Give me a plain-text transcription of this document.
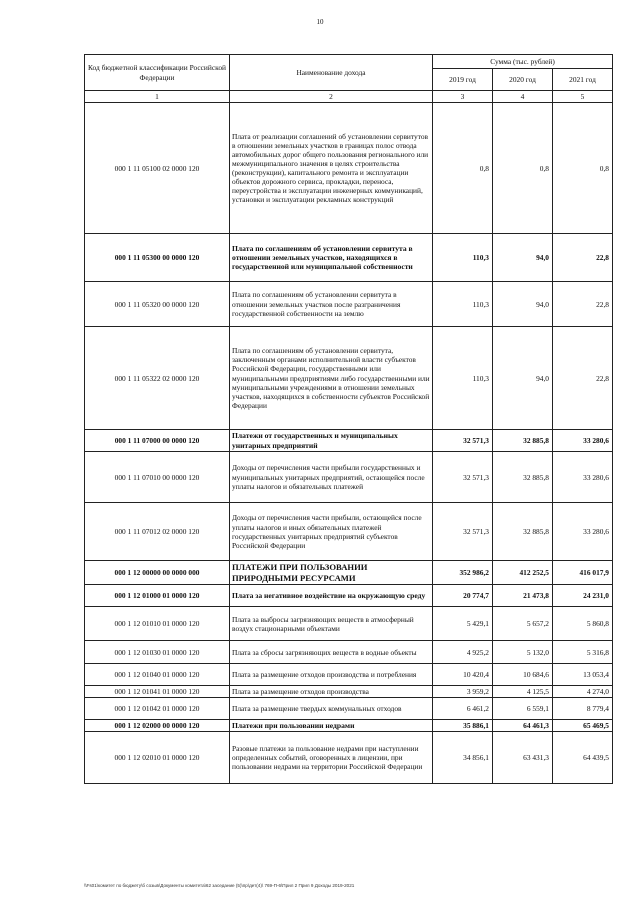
10
Код бюджетной классификации Российской Федерации	Наименование дохода	Сумма (тыс. рублей)		
		2019 год	2020 год	2021 год
1	2	3	4	5
000 1 11 05100 02 0000 120	Плата от реализации соглашений об установлении сервитутов в отношении земельных участков в границах полос отвода автомобильных дорог общего пользования регионального или межмуниципального значения в целях строительства (реконструкции), капитального ремонта и эксплуатации объектов дорожного сервиса, прокладки, переноса, переустройства и эксплуатации инженерных коммуникаций, установки и эксплуатации рекламных конструкций	0,8	0,8	0,8
000 1 11 05300 00 0000 120	Плата по соглашениям об установлении сервитута в отношении земельных участков, находящихся в государственной или муниципальной собственности	110,3	94,0	22,8
000 1 11 05320 00 0000 120	Плата по соглашениям об установлении сервитута в отношении земельных участков после разграничения государственной собственности на землю	110,3	94,0	22,8
000 1 11 05322 02 0000 120	Плата по соглашениям об установлении сервитута, заключенным органами исполнительной власти субъектов Российской Федерации, государственными или муниципальными предприятиями либо государственными или муниципальными учреждениями в отношении земельных участков, находящихся в собственности субъектов Российской Федерации	110,3	94,0	22,8
000 1 11 07000 00 0000 120	Платежи от государственных и муниципальных унитарных предприятий	32 571,3	32 885,8	33 280,6
000 1 11 07010 00 0000 120	Доходы от перечисления части прибыли государственных и муниципальных унитарных предприятий, остающейся после уплаты налогов и обязательных платежей	32 571,3	32 885,8	33 280,6
000 1 11 07012 02 0000 120	Доходы от перечисления части прибыли, остающейся после уплаты налогов и иных обязательных платежей государственных унитарных предприятий субъектов Российской Федерации	32 571,3	32 885,8	33 280,6
000 1 12 00000 00 0000 000	ПЛАТЕЖИ ПРИ ПОЛЬЗОВАНИИ ПРИРОДНЫМИ РЕСУРСАМИ	352 986,2	412 252,5	416 017,9
000 1 12 01000 01 0000 120	Плата за негативное воздействие на окружающую среду	20 774,7	21 473,8	24 231,0
000 1 12 01010 01 0000 120	Плата за выбросы загрязняющих веществ в атмосферный воздух стационарными объектами	5 429,1	5 657,2	5 860,8
000 1 12 01030 01 0000 120	Плата за сбросы загрязняющих веществ в водные объекты	4 925,2	5 132,0	5 316,8
000 1 12 01040 01 0000 120	Плата за размещение отходов производства и потребления	10 420,4	10 684,6	13 053,4
000 1 12 01041 01 0000 120	Плата за размещение отходов производства	3 959,2	4 125,5	4 274,0
000 1 12 01042 01 0000 120	Плата за размещение твердых коммунальных отходов	6 461,2	6 559,1	8 779,4
000 1 12 02000 00 0000 120	Платежи при пользовании недрами	35 886,1	64 461,3	65 469,5
000 1 12 02010 01 0000 120	Разовые платежи за пользование недрами при наступлении определенных событий, оговоренных в лицензии, при пользовании недрами на территории Российской Федерации	34 856,1	63 431,3	64 439,5
\\Fs01\комитет по бюджету\б созыв\Документы комитета\62 заседание (5)\пр\дет(4)\ 769-П-6\Прил 2 Прил 9 Доходы 2019-2021
